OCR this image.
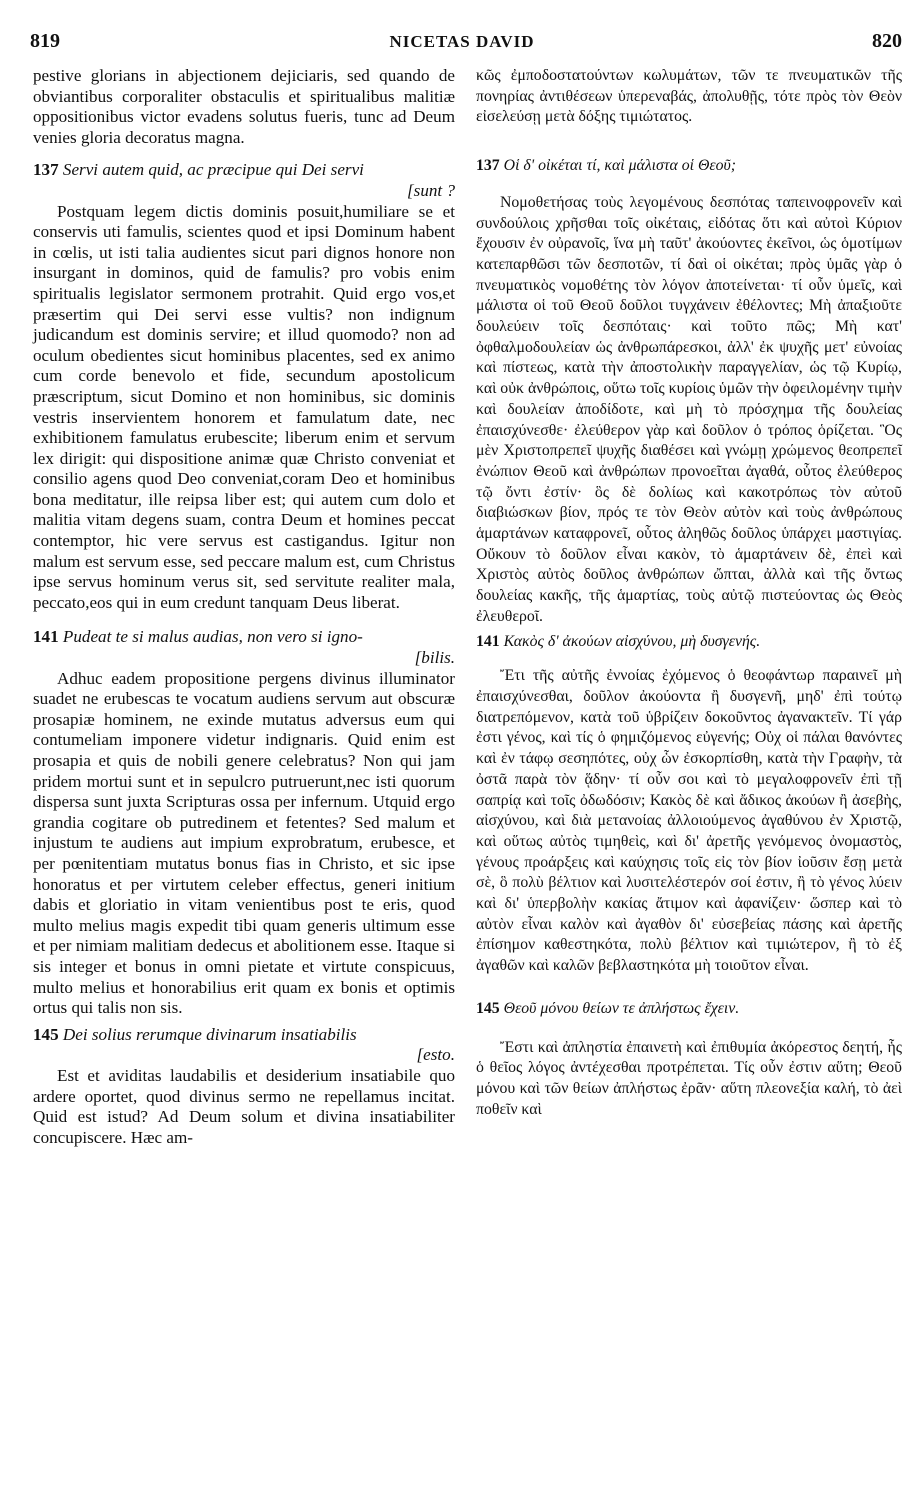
819	NICETAS DAVID	820

pestive glorians in abjectionem dejiciaris, sed quando de obviantibus corporaliter obstaculis et spiritualibus malitiæ oppositionibus victor evadens solutus fueris, tunc ad Deum venies gloria decoratus magna.

137 Servi autem quid, ac præcipue qui Dei servi
[sunt ?

Postquam legem dictis dominis posuit,humiliare se et conservis uti famulis, scientes quod et ipsi Dominum habent in cœlis, ut isti talia audientes sicut pari dignos honore non insurgant in dominos, quid de famulis? pro vobis enim spiritualis legislator sermonem protrahit. Quid ergo vos,et præsertim qui Dei servi esse vultis? non indignum judicandum est dominis servire; et illud quomodo? non ad oculum obedientes sicut hominibus placentes, sed ex animo cum corde benevolo et fide, secundum apostolicum præscriptum, sicut Domino et non hominibus, sic dominis vestris inservientem honorem et famulatum date, nec exhibitionem famulatus erubescite; liberum enim et servum lex dirigit: qui dispositione animæ quæ Christo conveniat et consilio agens quod Deo conveniat,coram Deo et hominibus bona meditatur, ille reipsa liber est; qui autem cum dolo et malitia vitam degens suam, contra Deum et homines peccat contemptor, hic vere servus est castigandus. Igitur non malum est servum esse, sed peccare malum est, cum Christus ipse servus hominum verus sit, sed servitute realiter mala, peccato,eos qui in eum credunt tanquam Deus liberat.

141 Pudeat te si malus audias, non vero si igno-
[bilis.

Adhuc eadem propositione pergens divinus illuminator suadet ne erubescas te vocatum audiens servum aut obscuræ prosapiæ hominem, ne exinde mutatus adversus eum qui contumeliam imponere videtur indignaris. Quid enim est prosapia et quis de nobili genere celebratus? Non qui jam pridem mortui sunt et in sepulcro putruerunt,nec isti quorum dispersa sunt juxta Scripturas ossa per infernum. Utquid ergo grandia cogitare ob putredinem et fetentes? Sed malum et injustum te audiens aut impium exprobratum, erubesce, et per pœnitentiam mutatus bonus fias in Christo, et sic ipse honoratus et per virtutem celeber effectus, generi initium dabis et gloriatio in vitam venientibus post te eris, quod multo melius magis expedit tibi quam generis ultimum esse et per nimiam malitiam dedecus et abolitionem esse. Itaque si sis integer et bonus in omni pietate et virtute conspicuus, multo melius et honorabilius erit quam ex bonis et optimis ortus qui talis non sis.

145 Dei solius rerumque divinarum insatiabilis
[esto.

Est et aviditas laudabilis et desiderium insatiabile quo ardere oportet, quod divinus sermo ne repellamus incitat. Quid est istud? Ad Deum solum et divina insatiabiliter concupiscere. Hæc am-

κῶς ἐμποδοστατούντων κωλυμάτων, τῶν τε πνευματικῶν τῆς πονηρίας ἀντιθέσεων ὑπερεναβάς, ἀπολυθῇς, τότε πρὸς τὸν Θεὸν εἰσελεύσῃ μετὰ δόξης τιμιώτατος.

137 Οἱ δ' οἰκέται τί, καὶ μάλιστα οἱ Θεοῦ;

Νομοθετήσας τοὺς λεγομένους δεσπότας ταπεινοφρονεῖν καὶ συνδούλοις χρῆσθαι τοῖς οἰκέταις, εἰδότας ὅτι καὶ αὐτοὶ Κύριον ἔχουσιν ἐν οὐρανοῖς, ἵνα μὴ ταῦτ' ἀκούοντες ἐκεῖνοι, ὡς ὁμοτίμων κατεπαρθῶσι τῶν δεσποτῶν, τί δαὶ οἱ οἰκέται; πρὸς ὑμᾶς γὰρ ὁ πνευματικὸς νομοθέτης τὸν λόγον ἀποτείνεται· τί οὖν ὑμεῖς, καὶ μάλιστα οἱ τοῦ Θεοῦ δοῦλοι τυγχάνειν ἐθέλοντες; Μὴ ἀπαξιοῦτε δουλεύειν τοῖς δεσπόταις· καὶ τοῦτο πῶς; Μὴ κατ' ὀφθαλμοδουλείαν ὡς ἀνθρωπάρεσκοι, ἀλλ' ἐκ ψυχῆς μετ' εὐνοίας καὶ πίστεως, κατὰ τὴν ἀποστολικὴν παραγγελίαν, ὡς τῷ Κυρίῳ, καὶ οὐκ ἀνθρώποις, οὕτω τοῖς κυρίοις ὑμῶν τὴν ὀφειλομένην τιμὴν καὶ δουλείαν ἀποδίδοτε, καὶ μὴ τὸ πρόσχημα τῆς δουλείας ἐπαισχύνεσθε· ἐλεύθερον γὰρ καὶ δοῦλον ὁ τρόπος ὁρίζεται. Ὃς μὲν Χριστοπρεπεῖ ψυχῆς διαθέσει καὶ γνώμῃ χρώμενος θεοπρεπεῖ ἐνώπιον Θεοῦ καὶ ἀνθρώπων προνοεῖται ἀγαθά, οὗτος ἐλεύθερος τῷ ὄντι ἐστίν· ὃς δὲ δολίως καὶ κακοτρόπως τὸν αὐτοῦ διαβιώσκων βίον, πρός τε τὸν Θεὸν αὐτὸν καὶ τοὺς ἀνθρώπους ἁμαρτάνων καταφρονεῖ, οὗτος ἀληθῶς δοῦλος ὑπάρχει μαστιγίας. Οὔκουν τὸ δοῦλον εἶναι κακὸν, τὸ ἁμαρτάνειν δὲ, ἐπεὶ καὶ Χριστὸς αὐτὸς δοῦλος ἀνθρώπων ὤπται, ἀλλὰ καὶ τῆς ὄντως δουλείας κακῆς, τῆς ἁμαρτίας, τοὺς αὐτῷ πιστεύοντας ὡς Θεὸς ἐλευθεροῖ.

141 Κακὸς δ' ἀκούων αἰσχύνου, μὴ δυσγενής.

Ἔτι τῆς αὐτῆς ἐννοίας ἐχόμενος ὁ θεοφάντωρ παραινεῖ μὴ ἐπαισχύνεσθαι, δοῦλον ἀκούοντα ἢ δυσγενῆ, μηδ' ἐπὶ τούτῳ διατρεπόμενον, κατὰ τοῦ ὑβρίζειν δοκοῦντος ἀγανακτεῖν. Τί γάρ ἐστι γένος, καὶ τίς ὁ φημιζόμενος εὐγενής; Οὐχ οἱ πάλαι θανόντες καὶ ἐν τάφῳ σεσηπότες, οὐχ ὧν ἐσκορπίσθη, κατὰ τὴν Γραφὴν, τὰ ὀστᾶ παρὰ τὸν ᾅδην· τί οὖν σοι καὶ τὸ μεγαλοφρονεῖν ἐπὶ τῇ σαπρίᾳ καὶ τοῖς ὀδωδόσιν; Κακὸς δὲ καὶ ἄδικος ἀκούων ἢ ἀσεβὴς, αἰσχύνου, καὶ διὰ μετανοίας ἀλλοιούμενος ἀγαθύνου ἐν Χριστῷ, καὶ οὕτως αὐτὸς τιμηθεὶς, καὶ δι' ἀρετῆς γενόμενος ὀνομαστὸς, γένους προάρξεις καὶ καύχησις τοῖς εἰς τὸν βίον ἰοῦσιν ἔσῃ μετὰ σὲ, ὃ πολὺ βέλτιον καὶ λυσιτελέστερόν σοί ἐστιν, ἢ τὸ γένος λύειν καὶ δι' ὑπερβολὴν κακίας ἄτιμον καὶ ἀφανίζειν· ὥσπερ καὶ τὸ αὐτὸν εἶναι καλὸν καὶ ἀγαθὸν δι' εὐσεβείας πάσης καὶ ἀρετῆς ἐπίσημον καθεστηκότα, πολὺ βέλτιον καὶ τιμιώτερον, ἢ τὸ ἐξ ἀγαθῶν καὶ καλῶν βεβλαστηκότα μὴ τοιοῦτον εἶναι.

145 Θεοῦ μόνου θείων τε ἀπλήστως ἔχειν.

Ἔστι καὶ ἀπληστία ἐπαινετὴ καὶ ἐπιθυμία ἀκόρεστος δεητή, ἧς ὁ θεῖος λόγος ἀντέχεσθαι προτρέπεται. Τίς οὖν ἐστιν αὕτη; Θεοῦ μόνου καὶ τῶν θείων ἀπλήστως ἐρᾶν· αὕτη πλεονεξία καλή, τὸ ἀεὶ ποθεῖν καὶ
